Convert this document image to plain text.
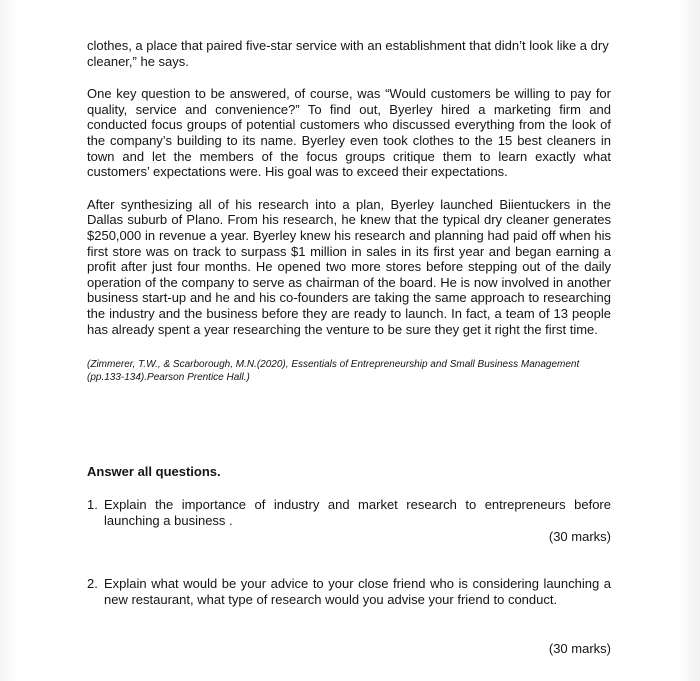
clothes, a place that paired five-star service with an establishment that didn’t look like a dry cleaner,” he says.

One key question to be answered, of course, was “Would customers be willing to pay for quality, service and convenience?” To find out, Byerley hired a marketing firm and conducted focus groups of potential customers who discussed everything from the look of the company’s building to its name. Byerley even took clothes to the 15 best cleaners in town and let the members of the focus groups critique them to learn exactly what customers’ expectations were. His goal was to exceed their expectations.

After synthesizing all of his research into a plan, Byerley launched Biientuckers in the Dallas suburb of Plano. From his research, he knew that the typical dry cleaner generates $250,000 in revenue a year. Byerley knew his research and planning had paid off when his first store was on track to surpass $1 million in sales in its first year and began earning a profit after just four months. He opened two more stores before stepping out of the daily operation of the company to serve as chairman of the board. He is now involved in another business start-up and he and his co-founders are taking the same approach to researching the industry and the business before they are ready to launch. In fact, a team of 13 people has already spent a year researching the venture to be sure they get it right the first time.

(Zimmerer, T.W., & Scarborough, M.N.(2020), Essentials of Entrepreneurship and Small Business Management (pp.133-134).Pearson Prentice Hall.)

Answer all questions.
1. Explain the importance of industry and market research to entrepreneurs before launching a business .

(30 marks)
2. Explain what would be your advice to your close friend who is considering launching a new restaurant, what type of research would you advise your friend to conduct.

(30 marks)
